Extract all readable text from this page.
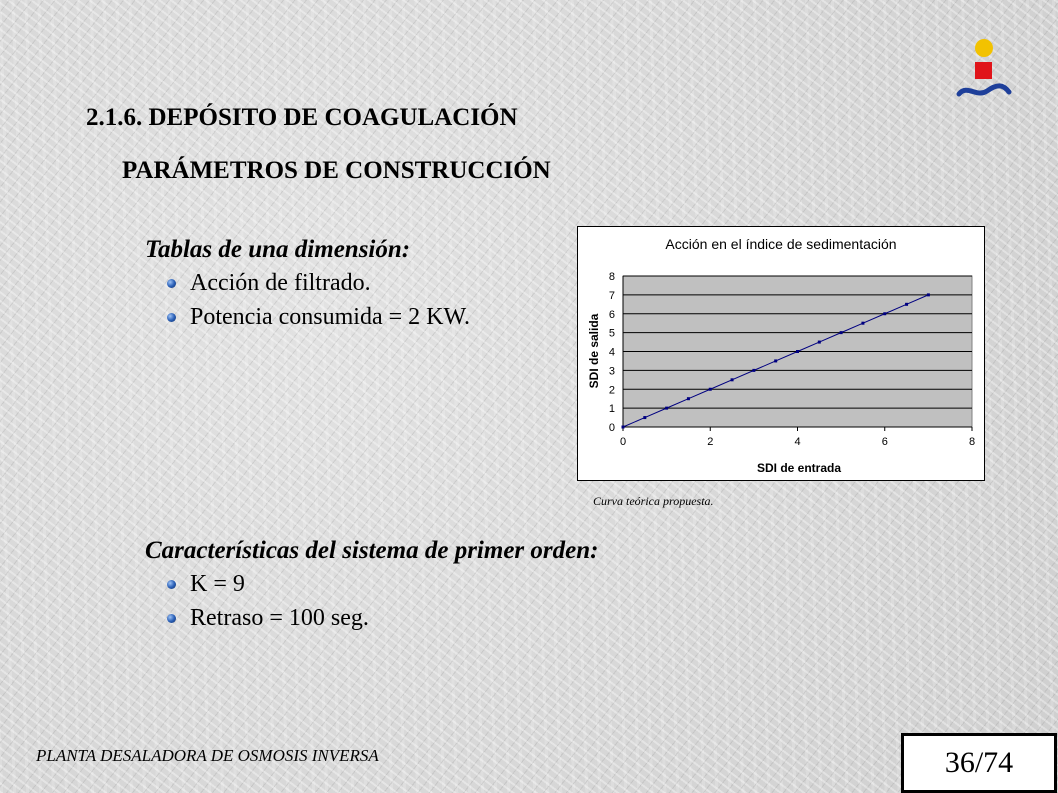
2.1.6. DEPÓSITO DE COAGULACIÓN
PARÁMETROS DE CONSTRUCCIÓN
Tablas de una dimensión:
Acción de filtrado.
Potencia consumida = 2 KW.
Acción en el índice de sedimentación
SDI de entrada
SDI de salida
0
1
2
3
4
5
6
7
8
0	2	4	6	8
Curva teórica propuesta.
Características del sistema de primer orden:
K = 9
Retraso = 100 seg.
PLANTA DESALADORA DE OSMOSIS INVERSA	36/74
